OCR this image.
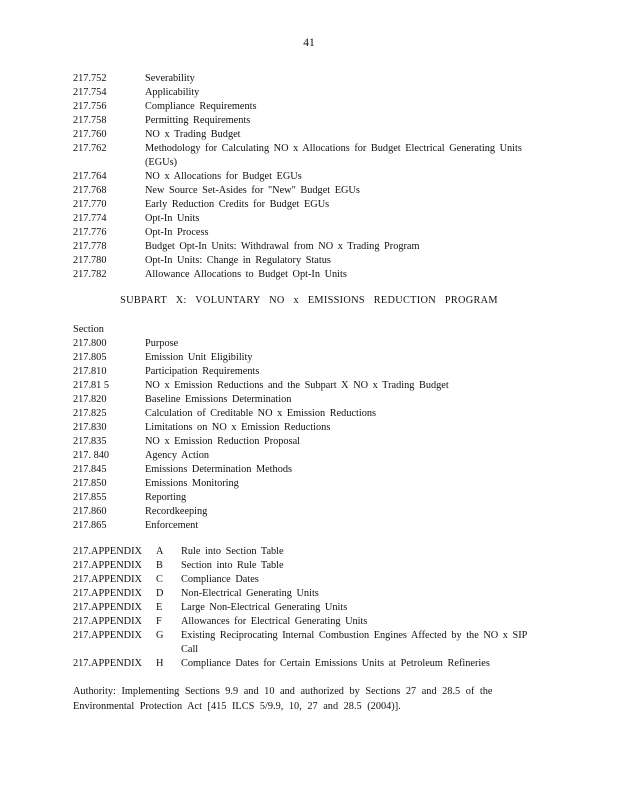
41
217.752	Severability
217.754	Applicability
217.756	Compliance Requirements
217.758	Permitting Requirements
217.760	NO x Trading Budget
217.762	Methodology for Calculating NO x Allocations for Budget Electrical Generating Units (EGUs)
217.764	NO x Allocations for Budget EGUs
217.768	New Source Set-Asides for "New" Budget EGUs
217.770	Early Reduction Credits for Budget EGUs
217.774	Opt-In Units
217.776	Opt-In Process
217.778	Budget Opt-In Units: Withdrawal from NO x Trading Program
217.780	Opt-In Units: Change in Regulatory Status
217.782	Allowance Allocations to Budget Opt-In Units
SUBPART X: VOLUNTARY NO x EMISSIONS REDUCTION PROGRAM
Section
217.800	Purpose
217.805	Emission Unit Eligibility
217.810	Participation Requirements
217.81 5	NO x Emission Reductions and the Subpart X NO x Trading Budget
217.820	Baseline Emissions Determination
217.825	Calculation of Creditable NO x Emission Reductions
217.830	Limitations on NO x Emission Reductions
217.835	NO x Emission Reduction Proposal
217. 840	Agency Action
217.845	Emissions Determination Methods
217.850	Emissions Monitoring
217.855	Reporting
217.860	Recordkeeping
217.865	Enforcement
217.APPENDIX A Rule into Section Table
217.APPENDIX B Section into Rule Table
217.APPENDIX C Compliance Dates
217.APPENDIX D Non-Electrical Generating Units
217.APPENDIX E Large Non-Electrical Generating Units
217.APPENDIX F Allowances for Electrical Generating Units
217.APPENDIX G Existing Reciprocating Internal Combustion Engines Affected by the NO x SIP Call
217.APPENDIX H Compliance Dates for Certain Emissions Units at Petroleum Refineries
Authority: Implementing Sections 9.9 and 10 and authorized by Sections 27 and 28.5 of the Environmental Protection Act [415 ILCS 5/9.9, 10, 27 and 28.5 (2004)].
